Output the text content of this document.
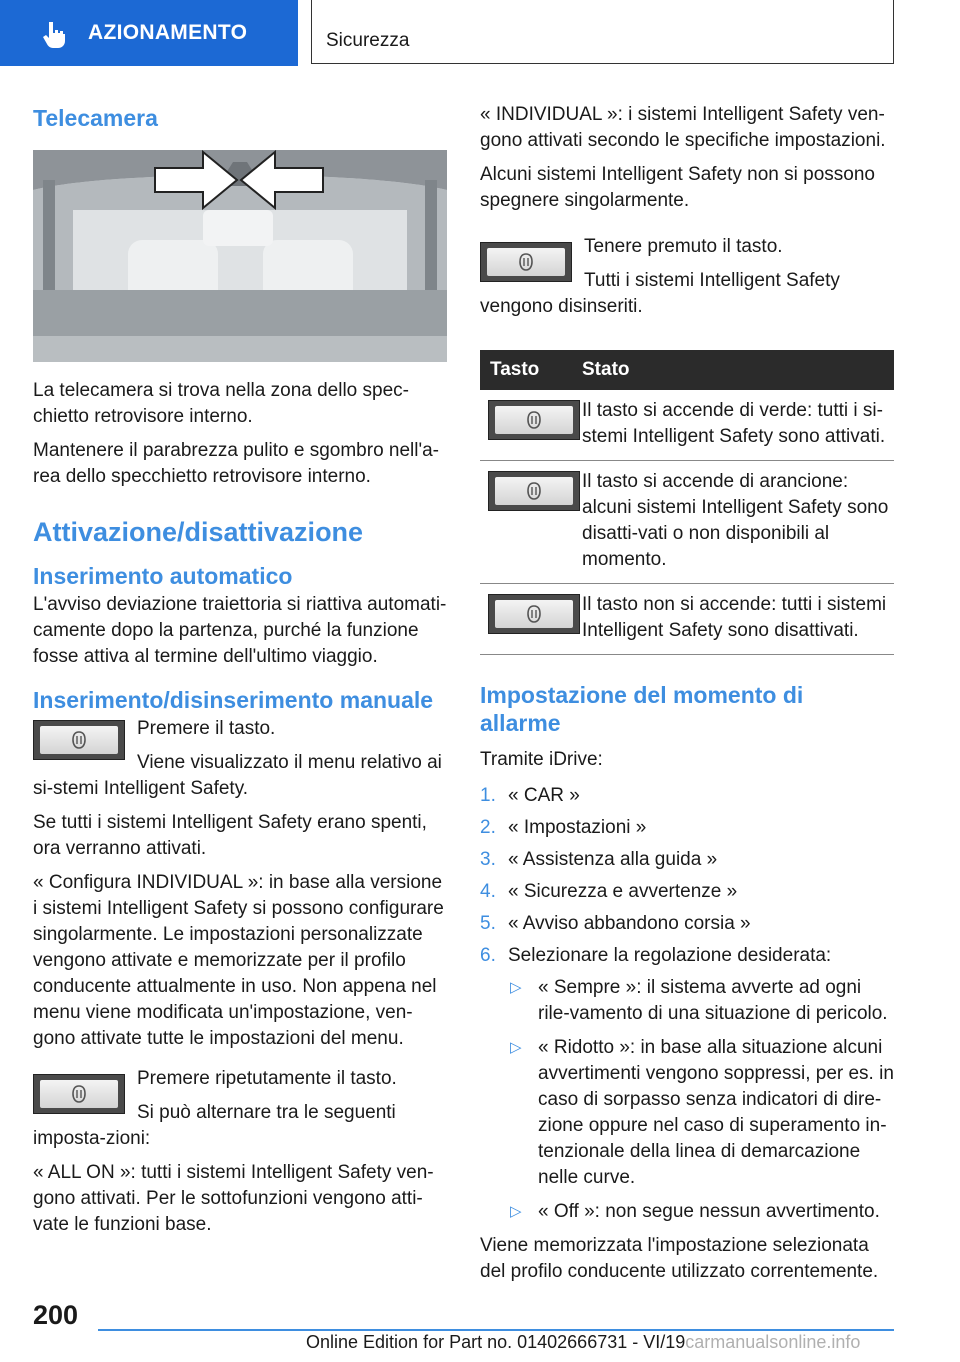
AZIONAMENTO	Sicurezza
Telecamera

La telecamera si trova nella zona dello spec-chietto retrovisore interno.

Mantenere il parabrezza pulito e sgombro nell'a-rea dello specchietto retrovisore interno.

Attivazione/disattivazione
Inserimento automatico

L'avviso deviazione traiettoria si riattiva automati-camente dopo la partenza, purché la funzione fosse attiva al termine dell'ultimo viaggio.

Inserimento/disinserimento manuale

Premere il tasto.

Viene visualizzato il menu relativo ai si-stemi Intelligent Safety.

Se tutti i sistemi Intelligent Safety erano spenti, ora verranno attivati.

« Configura INDIVIDUAL »: in base alla versione i sistemi Intelligent Safety si possono configurare singolarmente. Le impostazioni personalizzate vengono attivate e memorizzate per il profilo conducente attualmente in uso. Non appena nel menu viene modificata un'impostazione, ven-gono attivate tutte le impostazioni del menu.

Premere ripetutamente il tasto.

Si può alternare tra le seguenti imposta-zioni:

« ALL ON »: tutti i sistemi Intelligent Safety ven-gono attivati. Per le sottofunzioni vengono atti-vate le funzioni base.

« INDIVIDUAL »: i sistemi Intelligent Safety ven-gono attivati secondo le specifiche impostazioni.

Alcuni sistemi Intelligent Safety non si possono spegnere singolarmente.

Tenere premuto il tasto.

Tutti i sistemi Intelligent Safety vengono disinseriti.

Tasto	Stato

	Il tasto si accende di verde: tutti i si-stemi Intelligent Safety sono attivati.

	Il tasto si accende di arancione: alcuni sistemi Intelligent Safety sono disatti-vati o non disponibili al momento.

	Il tasto non si accende: tutti i sistemi Intelligent Safety sono disattivati.
Impostazione del momento di allarme

Tramite iDrive:

1. « CAR »
2. « Impostazioni »
3. « Assistenza alla guida »
4. « Sicurezza e avvertenze »
5. « Avviso abbandono corsia »
6. Selezionare la regolazione desiderata:
▷ « Sempre »: il sistema avverte ad ogni rile-vamento di una situazione di pericolo.
▷ « Ridotto »: in base alla situazione alcuni avvertimenti vengono soppressi, per es. in caso di sorpasso senza indicatori di dire-zione oppure nel caso di superamento in-tenzionale della linea di demarcazione nelle curve.
▷ « Off »: non segue nessun avvertimento.

Viene memorizzata l'impostazione selezionata del profilo conducente utilizzato correntemente.

200
Online Edition for Part no. 01402666731 - VI/19carmanualsonline.info
